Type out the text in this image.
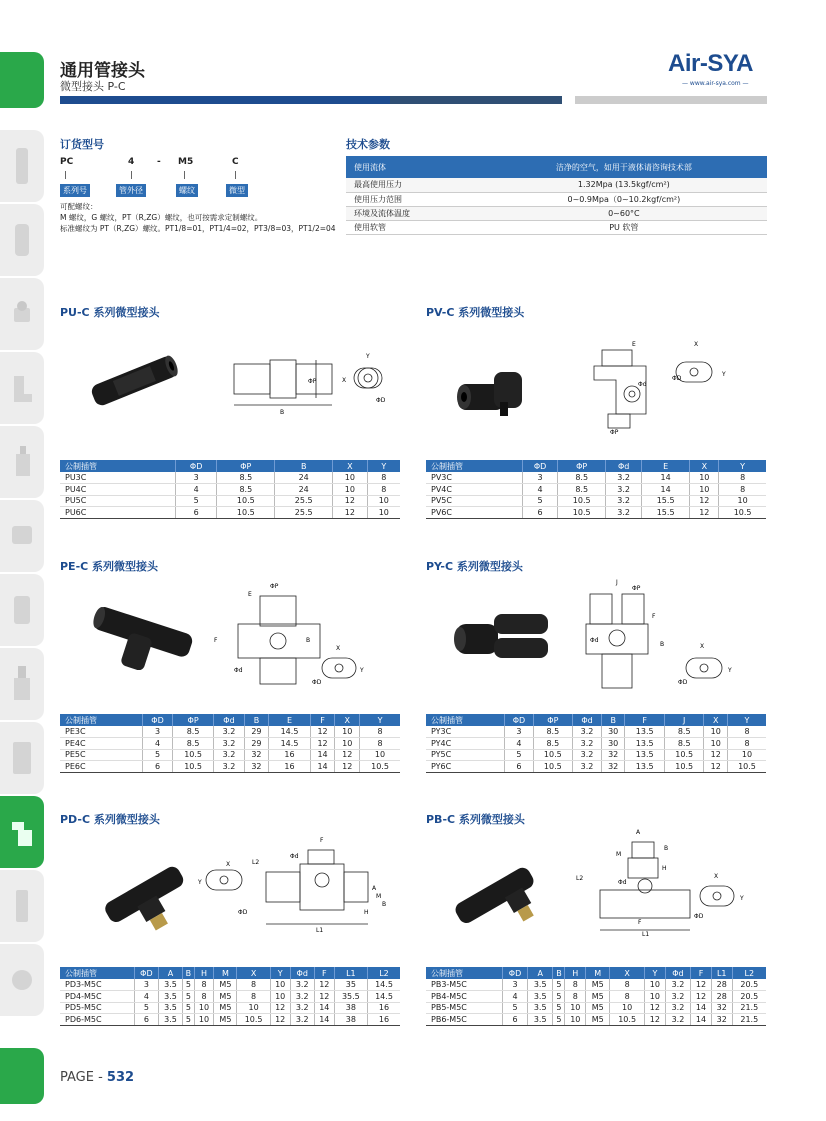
通用管接头
微型接头 P-C
Air-SYA
— www.air-sya.com —
订货型号
PC	4	- M5	C
系列号	管外径	螺纹	微型
可配螺纹：
M 螺纹，G 螺纹，PT（R,ZG）螺纹，也可按需求定制螺纹。
标准螺纹为 PT（R,ZG）螺纹。PT1/8=01，PT1/4=02，PT3/8=03，PT1/2=04
技术参数
使用流体	洁净的空气，如用于液体请咨询技术部
最高使用压力	1.32Mpa (13.5kgf/cm²)
使用压力范围	0~0.9Mpa（0~10.2kgf/cm²)
环境及流体温度	0~60°C
使用软管	PU 软管
PU-C 系列微型接头
ΦP
B
X
Y
ΦD
公制插管	ΦD	ΦP	B	X	Y
PU3C	3	8.5	24	10	8
PU4C	4	8.5	24	10	8
PU5C	5	10.5	25.5	12	10
PU6C	6	10.5	25.5	12	10
PV-C 系列微型接头
E
ΦP
Φd
X
Y
ΦD
公制插管	ΦD	ΦP	Φd	E	X	Y
PV3C	3	8.5	3.2	14	10	8
PV4C	4	8.5	3.2	14	10	8
PV5C	5	10.5	3.2	15.5	12	10
PV6C	6	10.5	3.2	15.5	12	10.5
PE-C 系列微型接头
ΦP
E
F	B
Φd
X
Y
ΦD
公制插管	ΦD	ΦP	Φd	B	E	F	X	Y
PE3C	3	8.5	3.2	29	14.5	12	10	8
PE4C	4	8.5	3.2	29	14.5	12	10	8
PE5C	5	10.5	3.2	32	16	14	12	10
PE6C	6	10.5	3.2	32	16	14	12	10.5
PY-C 系列微型接头
J
ΦP
F
B
Φd
X
Y
ΦD
公制插管	ΦD	ΦP	Φd	B	F	J	X	Y
PY3C	3	8.5	3.2	30	13.5	8.5	10	8
PY4C	4	8.5	3.2	30	13.5	8.5	10	8
PY5C	5	10.5	3.2	32	13.5	10.5	12	10
PY6C	6	10.5	3.2	32	13.5	10.5	12	10.5
PD-C 系列微型接头
X
Y
ΦD
L2
F
Φd
L1
A
M
B
H
公制插管	ΦD	A	B	H	M	X	Y	Φd	F	L1	L2
PD3-M5C	3	3.5	5	8	M5	8	10	3.2	12	35	14.5
PD4-M5C	4	3.5	5	8	M5	8	10	3.2	12	35.5	14.5
PD5-M5C	5	3.5	5	10	M5	10	12	3.2	14	38	16
PD6-M5C	6	3.5	5	10	M5	10.5	12	3.2	14	38	16
PB-C 系列微型接头
A
B
M
H
L2
Φd
F
L1
X
Y
ΦD
公制插管	ΦD	A	B	H	M	X	Y	Φd	F	L1	L2
PB3-M5C	3	3.5	5	8	M5	8	10	3.2	12	28	20.5
PB4-M5C	4	3.5	5	8	M5	8	10	3.2	12	28	20.5
PB5-M5C	5	3.5	5	10	M5	10	12	3.2	14	32	21.5
PB6-M5C	6	3.5	5	10	M5	10.5	12	3.2	14	32	21.5
PAGE - 532
